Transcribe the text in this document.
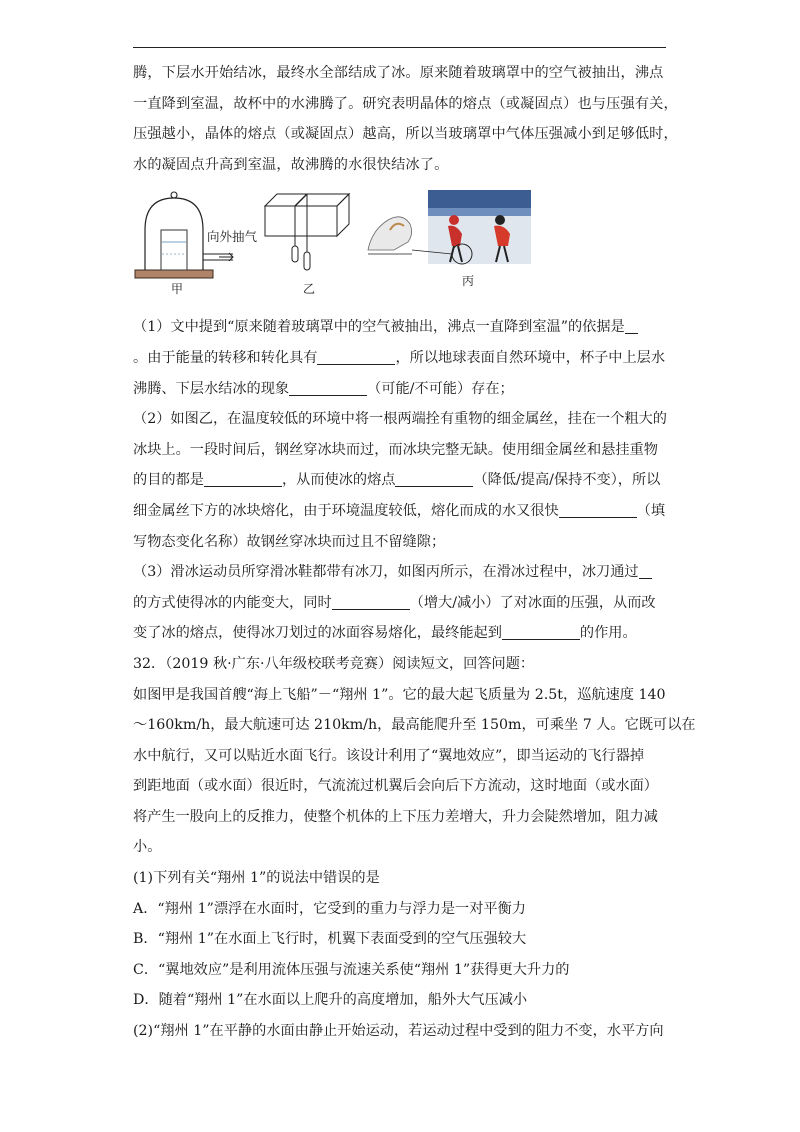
腾，下层水开始结冰，最终水全部结成了冰。原来随着玻璃罩中的空气被抽出，沸点

一直降到室温，故杯中的水沸腾了。研究表明晶体的熔点（或凝固点）也与压强有关，

压强越小，晶体的熔点（或凝固点）越高，所以当玻璃罩中气体压强减小到足够低时，

水的凝固点升高到室温，故沸腾的水很快结冰了。

向外抽气
甲	乙
丙

（1）文中提到“原来随着玻璃罩中的空气被抽出，沸点一直降到室温”的依据是

。由于能量的转移和转化具有	，所以地球表面自然环境中，杯子中上层水

沸腾、下层水结冰的现象	（可能/不可能）存在；

（2）如图乙，在温度较低的环境中将一根两端拴有重物的细金属丝，挂在一个粗大的

冰块上。一段时间后，钢丝穿冰块而过，而冰块完整无缺。使用细金属丝和悬挂重物

的目的都是	，从而使冰的熔点	（降低/提高/保持不变），所以

细金属丝下方的冰块熔化，由于环境温度较低，熔化而成的水又很快	（填

写物态变化名称）故钢丝穿冰块而过且不留缝隙；

（3）滑冰运动员所穿滑冰鞋都带有冰刀，如图丙所示，在滑冰过程中，冰刀通过

的方式使得冰的内能变大，同时	（增大/减小）了对冰面的压强，从而改

变了冰的熔点，使得冰刀划过的冰面容易熔化，最终能起到	的作用。

32．（2019 秋·广东·八年级校联考竞赛）阅读短文，回答问题：

如图甲是我国首艘“海上飞船”－“翔州 1”。它的最大起飞质量为 2.5t，巡航速度 140

～160km/h，最大航速可达 210km/h，最高能爬升至 150m，可乘坐 7 人。它既可以在

水中航行，又可以贴近水面飞行。该设计利用了“翼地效应”，即当运动的飞行器掉

到距地面（或水面）很近时，气流流过机翼后会向后下方流动，这时地面（或水面）

将产生一股向上的反推力，使整个机体的上下压力差增大，升力会陡然增加，阻力减

小。

(1)下列有关“翔州 1”的说法中错误的是

A．“翔州 1”漂浮在水面时，它受到的重力与浮力是一对平衡力

B．“翔州 1”在水面上飞行时，机翼下表面受到的空气压强较大

C．“翼地效应”是利用流体压强与流速关系使“翔州 1”获得更大升力的

D．随着“翔州 1”在水面以上爬升的高度增加，船外大气压减小

(2)“翔州 1”在平静的水面由静止开始运动，若运动过程中受到的阻力不变，水平方向
